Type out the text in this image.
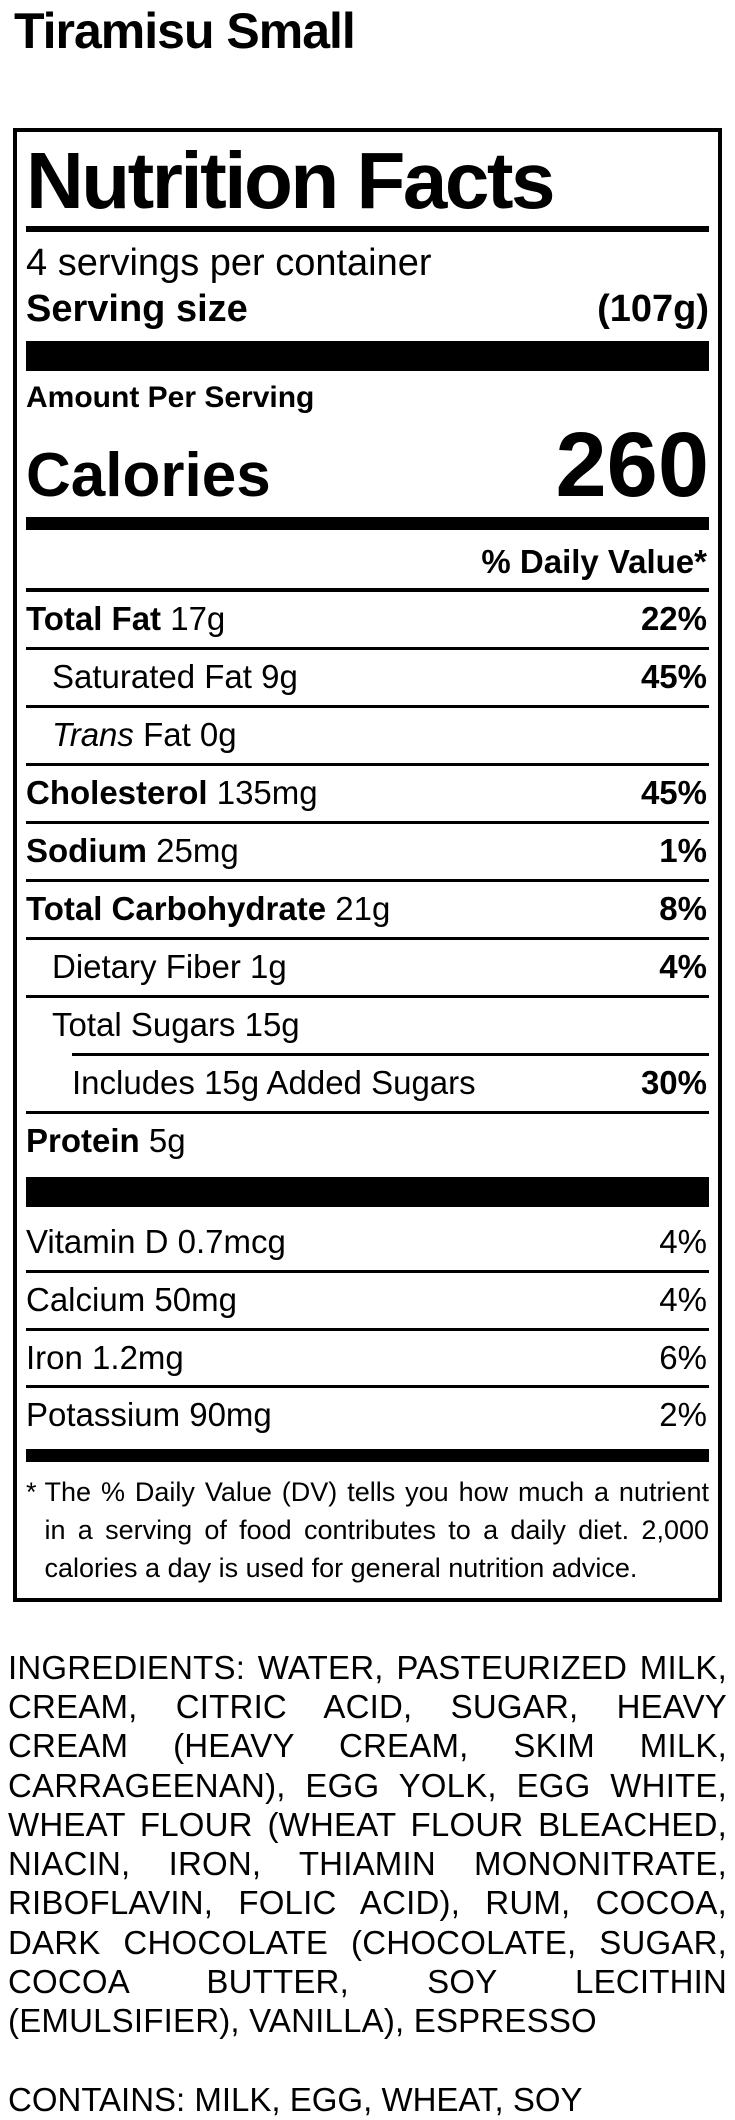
Tiramisu Small
Nutrition Facts
4 servings per container
Serving size	(107g)
Amount Per Serving
Calories	260
% Daily Value*
Total Fat 17g	22%
Saturated Fat 9g	45%
Trans Fat 0g
Cholesterol 135mg	45%
Sodium 25mg	1%
Total Carbohydrate 21g	8%
Dietary Fiber 1g	4%
Total Sugars 15g
Includes 15g Added Sugars	30%
Protein 5g
Vitamin D 0.7mcg	4%
Calcium 50mg	4%
Iron 1.2mg	6%
Potassium 90mg	2%
* The % Daily Value (DV) tells you how much a nutrient in a serving of food contributes to a daily diet. 2,000 calories a day is used for general nutrition advice.

INGREDIENTS: WATER, PASTEURIZED MILK, CREAM, CITRIC ACID, SUGAR, HEAVY CREAM (HEAVY CREAM, SKIM MILK, CARRAGEENAN), EGG YOLK, EGG WHITE, WHEAT FLOUR (WHEAT FLOUR BLEACHED, NIACIN, IRON, THIAMIN MONONITRATE, RIBOFLAVIN, FOLIC ACID), RUM, COCOA, DARK CHOCOLATE (CHOCOLATE, SUGAR, COCOA BUTTER, SOY LECITHIN (EMULSIFIER), VANILLA), ESPRESSO

CONTAINS: MILK, EGG, WHEAT, SOY
